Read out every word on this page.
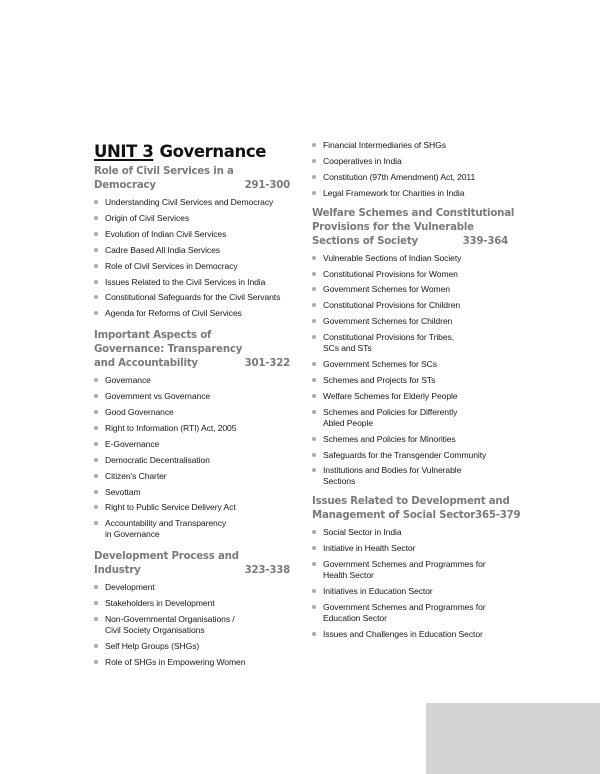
UNIT 3 Governance
Role of Civil Services in a
Democracy	291-300
Understanding Civil Services and Democracy
Origin of Civil Services
Evolution of Indian Civil Services
Cadre Based All India Services
Role of Civil Services in Democracy
Issues Related to the Civil Services in India
Constitutional Safeguards for the Civil Servants
Agenda for Reforms of Civil Services
Important Aspects of
Governance: Transparency
and Accountability	301-322
Governance
Government vs Governance
Good Governance
Right to Information (RTI) Act, 2005
E-Governance
Democratic Decentralisation
Citizen's Charter
Sevottam
Right to Public Service Delivery Act
Accountability and Transparency
in Governance
Development Process and
Industry	323-338
Development
Stakeholders in Development
Non-Governmental Organisations /
Civil Society Organisations
Self Help Groups (SHGs)
Role of SHGs in Empowering Women
Financial Intermediaries of SHGs
Cooperatives in India
Constitution (97th Amendment) Act, 2011
Legal Framework for Charities in India
Welfare Schemes and Constitutional
Provisions for the Vulnerable
Sections of Society	339-364
Vulnerable Sections of Indian Society
Constitutional Provisions for Women
Government Schemes for Women
Constitutional Provisions for Children
Government Schemes for Children
Constitutional Provisions for Tribes,
SCs and STs
Government Schemes for SCs
Schemes and Projects for STs
Welfare Schemes for Elderly People
Schemes and Policies for Differently
Abled People
Schemes and Policies for Minorities
Safeguards for the Transgender Community
Institutions and Bodies for Vulnerable
Sections
Issues Related to Development and
Management of Social Sector 365-379
Social Sector in India
Initiative in Health Sector
Government Schemes and Programmes for
Health Sector
Initiatives in Education Sector
Government Schemes and Programmes for
Education Sector
Issues and Challenges in Education Sector
